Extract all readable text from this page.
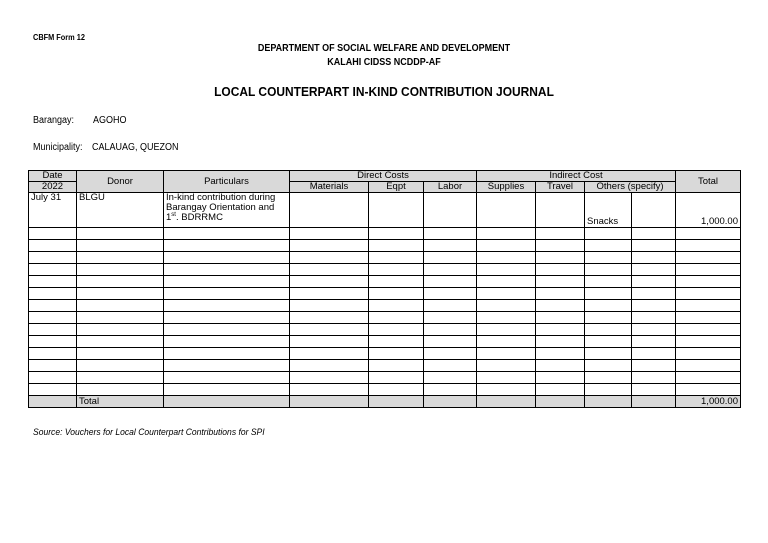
CBFM Form 12
DEPARTMENT OF SOCIAL WELFARE AND DEVELOPMENT
KALAHI CIDSS NCDDP-AF
LOCAL COUNTERPART IN-KIND CONTRIBUTION JOURNAL
Barangay: AGOHO
Municipality: CALAUAG, QUEZON
Date	Donor	Particulars	Direct Costs			Indirect Cost				Total
2022			Materials	Eqpt	Labor	Supplies	Travel	Others (specify)		
July 31	BLGU	In-kind contribution during
Barangay Orientation and
1st. BDRRMC						Snacks		1,000.00

	Total									1,000.00
Source: Vouchers for Local Counterpart Contributions for SPI
